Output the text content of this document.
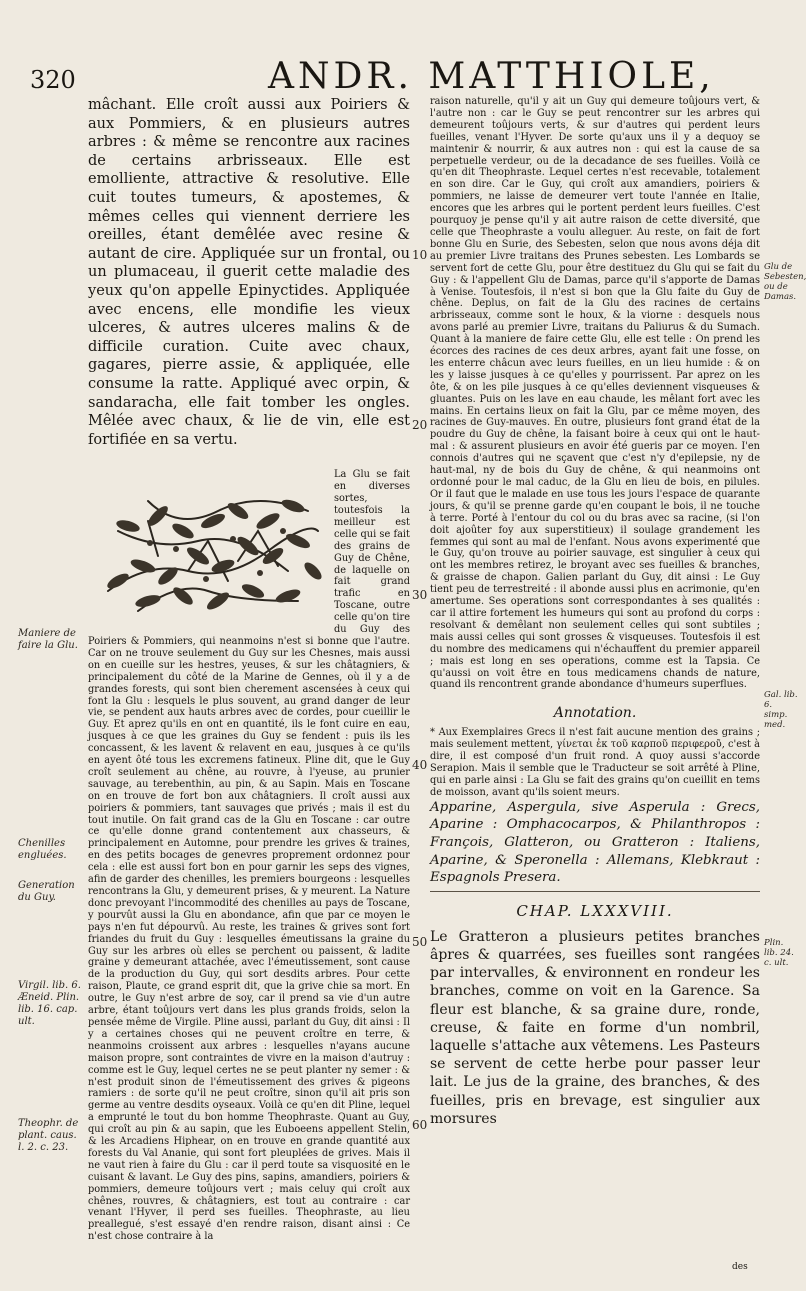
320	ANDR. MATTHIOLE,

mâchant. Elle croît aussi aux Poiriers & aux Pommiers, & en plusieurs autres arbres : & même se rencontre aux racines de certains arbrisseaux. Elle est emolliente, attractive & resolutive. Elle cuit toutes tumeurs, & apostemes, & mêmes celles qui viennent derriere les oreilles, étant demêlée avec resine & autant de cire. Appliquée sur un frontal, ou un plumaceau, il guerit cette maladie des yeux qu'on appelle Epinyctides. Appliquée avec encens, elle mondifie les vieux ulceres, & autres ulceres malins & de difficile curation. Cuite avec chaux, gagares, pierre assie, & appliquée, elle consume la ratte. Appliqué avec orpin, & sandaracha, elle fait tomber les ongles. Mêlée avec chaux, & lie de vin, elle est fortifiée en sa vertu.

La Glu se fait en diverses sortes, toutesfois la meilleur est celle qui se fait des grains de Guy de Chêne, de laquelle on fait grand trafic en Toscane, outre celle qu'on tire du Guy des Poiriers & Pommiers, qui neanmoins n'est si bonne que l'autre. Car on ne trouve seulement du Guy sur les Chesnes, mais aussi on en cueille sur les hestres, yeuses, & sur les châtagniers, & principalement du côté de la Marine de Gennes, où il y a de grandes forests, qui sont bien cherement ascensées à ceux qui font la Glu : lesquels le plus souvent, au grand danger de leur vie, se pendent aux hauts arbres avec de cordes, pour cueillir le Guy. Et aprez qu'ils en ont en quantité, ils le font cuire en eau, jusques à ce que les graines du Guy se fendent : puis ils les concassent, & les lavent & relavent en eau, jusques à ce qu'ils en ayent ôté tous les excremens fatineux. Pline dit, que le Guy croît seulement au chêne, au rouvre, à l'yeuse, au prunier sauvage, au terebenthin, au pin, & au Sapin. Mais en Toscane on en trouve de fort bon aux châtagniers. Il croît aussi aux poiriers & pommiers, tant sauvages que privés ; mais il est du tout inutile. On fait grand cas de la Glu en Toscane : car outre ce qu'elle donne grand contentement aux chasseurs, & principalement en Automne, pour prendre les grives & traines, en des petits bocages de genevres proprement ordonnez pour cela : elle est aussi fort bon en pour garnir les seps des vignes, afin de garder des chenilles, les premiers bourgeons : lesquelles rencontrans la Glu, y demeurent prises, & y meurent. La Nature donc prevoyant l'incommodité des chenilles au pays de Toscane, y pourvût aussi la Glu en abondance, afin que par ce moyen le pays n'en fut dépourvû. Au reste, les traines & grives sont fort friandes du fruit du Guy : lesquelles émeutissans la graine du Guy sur les arbres où elles se perchent ou paissent, & ladite graine y demeurant attachée, avec l'émeutissement, sont cause de la production du Guy, qui sort desdits arbres. Pour cette raison, Plaute, ce grand esprit dit, que la grive chie sa mort. En outre, le Guy n'est arbre de soy, car il prend sa vie d'un autre arbre, étant toûjours vert dans les plus grands froids, selon la pensée même de Virgile. Pline aussi, parlant du Guy, dit ainsi : Il y a certaines choses qui ne peuvent croître en terre, & neanmoins croissent aux arbres : lesquelles n'ayans aucune maison propre, sont contraintes de vivre en la maison d'autruy : comme est le Guy, lequel certes ne se peut planter ny semer : & n'est produit sinon de l'émeutissement des grives & pigeons ramiers : de sorte qu'il ne peut croître, sinon qu'il ait pris son germe au ventre desdits oyseaux. Voilà ce qu'en dit Pline, lequel a emprunté le tout du bon homme Theophraste. Quant au Guy, qui croît au pin & au sapin, que les Euboeens appellent Stelin, & les Arcadiens Hiphear, on en trouve en grande quantité aux forests du Val Ananie, qui sont fort pleuplées de grives. Mais il ne vaut rien à faire du Glu : car il perd toute sa visquosité en le cuisant & lavant. Le Guy des pins, sapins, amandiers, poiriers & pommiers, demeure toûjours vert ; mais celuy qui croît aux chênes, rouvres, & châtagniers, est tout au contraire : car venant l'Hyver, il perd ses fueilles. Theophraste, au lieu preallegué, s'est essayé d'en rendre raison, disant ainsi : Ce n'est chose contraire à la

Maniere de faire la Glu.
Chenilles engluées.
Generation du Guy.
Virgil. lib. 6. Æneid. Plin. lib. 16. cap. ult.
Theophr. de plant. caus. l. 2. c. 23.
10
20
30
40
50
60

raison naturelle, qu'il y ait un Guy qui demeure toûjours vert, & l'autre non : car le Guy se peut rencontrer sur les arbres qui demeurent toûjours verts, & sur d'autres qui perdent leurs fueilles, venant l'Hyver. De sorte qu'aux uns il y a dequoy se maintenir & nourrir, & aux autres non : qui est la cause de sa perpetuelle verdeur, ou de la decadance de ses fueilles. Voilà ce qu'en dit Theophraste. Lequel certes n'est recevable, totalement en son dire. Car le Guy, qui croît aux amandiers, poiriers & pommiers, ne laisse de demeurer vert toute l'année en Italie, encores que les arbres qui le portent perdent leurs fueilles. C'est pourquoy je pense qu'il y ait autre raison de cette diversité, que celle que Theophraste a voulu alleguer. Au reste, on fait de fort bonne Glu en Surie, des Sebesten, selon que nous avons déja dit au premier Livre traitans des Prunes sebesten. Les Lombards se servent fort de cette Glu, pour être destituez du Glu qui se fait du Guy : & l'appellent Glu de Damas, parce qu'il s'apporte de Damas à Venise. Toutesfois, il n'est si bon que la Glu faite du Guy de chêne. Deplus, on fait de la Glu des racines de certains arbrisseaux, comme sont le houx, & la viorne : desquels nous avons parlé au premier Livre, traitans du Paliurus & du Sumach. Quant à la maniere de faire cette Glu, elle est telle : On prend les écorces des racines de ces deux arbres, ayant fait une fosse, on les enterre châcun avec leurs fueilles, en un lieu humide : & on les y laisse jusques à ce qu'elles y pourrissent. Par aprez on les ôte, & on les pile jusques à ce qu'elles deviennent visqueuses & gluantes. Puis on les lave en eau chaude, les mêlant fort avec les mains. En certains lieux on fait la Glu, par ce même moyen, des racines de Guy-mauves. En outre, plusieurs font grand état de la poudre du Guy de chêne, la faisant boire à ceux qui ont le haut-mal : & assurent plusieurs en avoir été gueris par ce moyen. I'en connois d'autres qui ne sçavent que c'est n'y d'epilepsie, ny de haut-mal, ny de bois du Guy de chêne, & qui neanmoins ont ordonné pour le mal caduc, de la Glu en lieu de bois, en pilules. Or il faut que le malade en use tous les jours l'espace de quarante jours, & qu'il se prenne garde qu'en coupant le bois, il ne touche à terre. Porté à l'entour du col ou du bras avec sa racine, (si l'on doit ajoûter foy aux superstitieux) il soulage grandement les femmes qui sont au mal de l'enfant. Nous avons experimenté que le Guy, qu'on trouve au poirier sauvage, est singulier à ceux qui ont les membres retirez, le broyant avec ses fueilles & branches, & graisse de chapon. Galien parlant du Guy, dit ainsi : Le Guy tient peu de terrestreité : il abonde aussi plus en acrimonie, qu'en amertume. Ses operations sont correspondantes à ses qualités : car il attire fortement les humeurs qui sont au profond du corps : resolvant & demêlant non seulement celles qui sont subtiles ; mais aussi celles qui sont grosses & visqueuses. Toutesfois il est du nombre des medicamens qui n'échauffent du premier appareil ; mais est long en ses operations, comme est la Tapsia. Ce qu'aussi on voit être en tous medicamens chands de nature, quand ils rencontrent grande abondance d'humeurs superflues.

Annotation.

* Aux Exemplaires Grecs il n'est fait aucune mention des grains ; mais seulement mettent, γίνεται ἐκ τοῦ καρποῦ περιφεροῦ, c'est à dire, il est composé d'un fruit rond. A quoy aussi s'accorde Serapion. Mais il semble que le Traducteur se soit arrêté à Pline, qui en parle ainsi : La Glu se fait des grains qu'on cueillit en tems de moisson, avant qu'ils soient meurs.

Apparine, Aspergula, sive Asperula : Grecs, Aparine : Omphacocarpos, & Philanthropos : François, Glatteron, ou Gratteron : Italiens, Aparine, & Speronella : Allemans, Klebkraut : Espagnols Presera.

CHAP. LXXXVIII.

Le Gratteron a plusieurs petites branches âpres & quarrées, ses fueilles sont rangées par intervalles, & environnent en rondeur les branches, comme on voit en la Garence. Sa fleur est blanche, & sa graine dure, ronde, creuse, & faite en forme d'un nombril, laquelle s'attache aux vêtemens. Les Pasteurs se servent de cette herbe pour passer leur lait. Le jus de la graine, des branches, & des fueilles, pris en brevage, est singulier aux morsures

Glu de Sebesten, ou de Damas.
Gal. lib. 6. simp. med.
Plin. lib. 24. c. ult.
des
